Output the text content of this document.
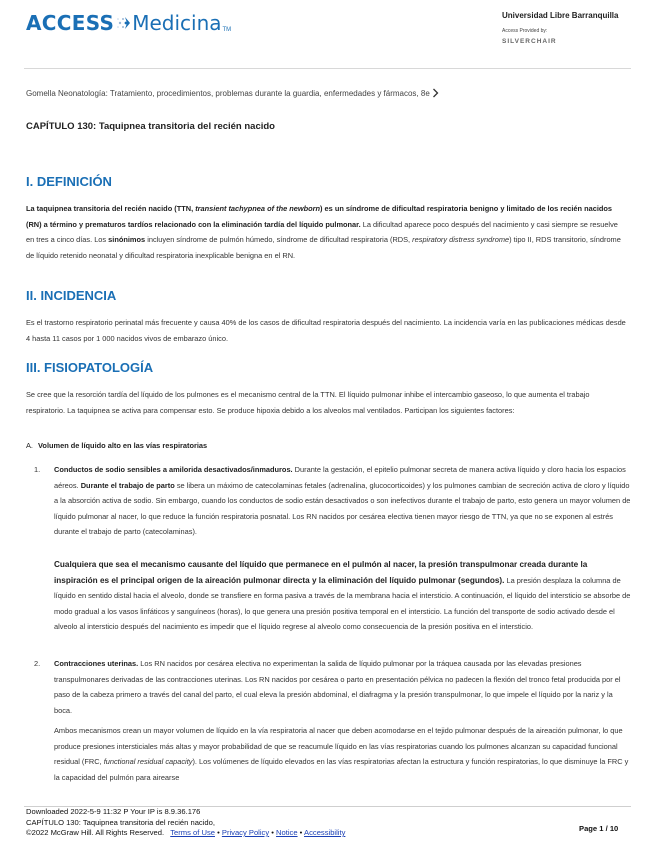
ACCESS Medicina TM
Universidad Libre Barranquilla
Access Provided by:
SILVERCHAIR
Gomella Neonatología: Tratamiento, procedimientos, problemas durante la guardia, enfermedades y fármacos, 8e
CAPÍTULO 130: Taquipnea transitoria del recién nacido
I. DEFINICIÓN

La taquipnea transitoria del recién nacido (TTN, transient tachypnea of the newborn) es un síndrome de dificultad respiratoria benigno y limitado de los recién nacidos (RN) a término y prematuros tardíos relacionado con la eliminación tardía del líquido pulmonar. La dificultad aparece poco después del nacimiento y casi siempre se resuelve en tres a cinco días. Los sinónimos incluyen síndrome de pulmón húmedo, síndrome de dificultad respiratoria (RDS, respiratory distress syndrome) tipo II, RDS transitorio, síndrome de líquido retenido neonatal y dificultad respiratoria inexplicable benigna en el RN.

II. INCIDENCIA

Es el trastorno respiratorio perinatal más frecuente y causa 40% de los casos de dificultad respiratoria después del nacimiento. La incidencia varía en las publicaciones médicas desde 4 hasta 11 casos por 1 000 nacidos vivos de embarazo único.

III. FISIOPATOLOGÍA

Se cree que la resorción tardía del líquido de los pulmones es el mecanismo central de la TTN. El líquido pulmonar inhibe el intercambio gaseoso, lo que aumenta el trabajo respiratorio. La taquipnea se activa para compensar esto. Se produce hipoxia debido a los alveolos mal ventilados. Participan los siguientes factores:

A. Volumen de líquido alto en las vías respiratorias
1. Conductos de sodio sensibles a amilorida desactivados/inmaduros. Durante la gestación, el epitelio pulmonar secreta de manera activa líquido y cloro hacia los espacios aéreos. Durante el trabajo de parto se libera un máximo de catecolaminas fetales (adrenalina, glucocorticoides) y los pulmones cambian de secreción activa de cloro y líquido a la absorción activa de sodio. Sin embargo, cuando los conductos de sodio están desactivados o son inefectivos durante el trabajo de parto, esto genera un mayor volumen de líquido pulmonar al nacer, lo que reduce la función respiratoria posnatal. Los RN nacidos por cesárea electiva tienen mayor riesgo de TTN, ya que no se exponen al estrés durante el trabajo de parto (catecolaminas).

Cualquiera que sea el mecanismo causante del líquido que permanece en el pulmón al nacer, la presión transpulmonar creada durante la inspiración es el principal origen de la aireación pulmonar directa y la eliminación del líquido pulmonar (segundos). La presión desplaza la columna de líquido en sentido distal hacia el alveolo, donde se transfiere en forma pasiva a través de la membrana hacia el intersticio. A continuación, el líquido del intersticio se absorbe de modo gradual a los vasos linfáticos y sanguíneos (horas), lo que genera una presión positiva temporal en el intersticio. La función del transporte de sodio activado desde el alveolo al intersticio después del nacimiento es impedir que el líquido regrese al alveolo como consecuencia de la presión positiva en el intersticio.

2. Contracciones uterinas. Los RN nacidos por cesárea electiva no experimentan la salida de líquido pulmonar por la tráquea causada por las elevadas presiones transpulmonares derivadas de las contracciones uterinas. Los RN nacidos por cesárea o parto en presentación pélvica no padecen la flexión del tronco fetal producida por el paso de la cabeza primero a través del canal del parto, el cual eleva la presión abdominal, el diafragma y la presión transpulmonar, lo que impele el líquido por la nariz y la boca.

Ambos mecanismos crean un mayor volumen de líquido en la vía respiratoria al nacer que deben acomodarse en el tejido pulmonar después de la aireación pulmonar, lo que produce presiones intersticiales más altas y mayor probabilidad de que se reacumule líquido en las vías respiratorias cuando los pulmones alcanzan su capacidad funcional residual (FRC, functional residual capacity). Los volúmenes de líquido elevados en las vías respiratorias afectan la estructura y función respiratorias, lo que disminuye la FRC y la capacidad del pulmón para airearse

Downloaded 2022-5-9 11:32 P Your IP is 8.9.36.176
CAPÍTULO 130: Taquipnea transitoria del recién nacido,
©2022 McGraw Hill. All Rights Reserved. Terms of Use • Privacy Policy • Notice • Accessibility	Page 1 / 10
